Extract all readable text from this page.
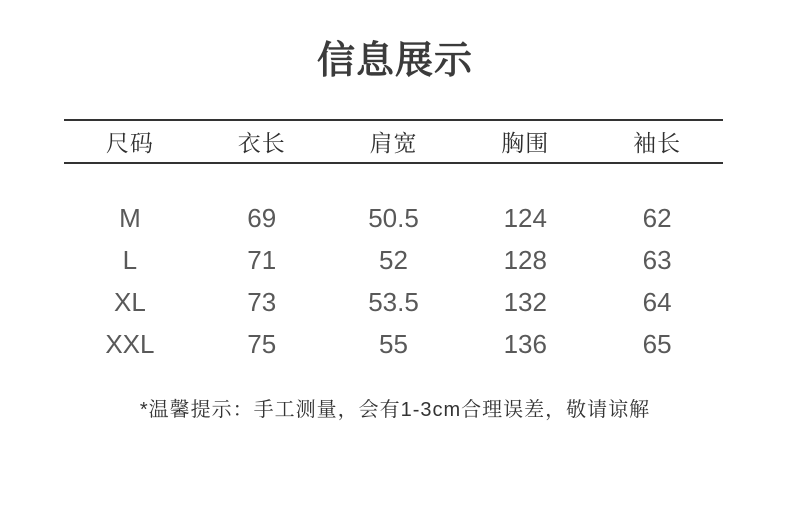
信息展示
尺码	衣长	肩宽	胸围	袖长
M	69	50.5	124	62
L	71	52	128	63
XL	73	53.5	132	64
XXL	75	55	136	65
*温馨提示：手工测量，会有1-3cm合理误差，敬请谅解
